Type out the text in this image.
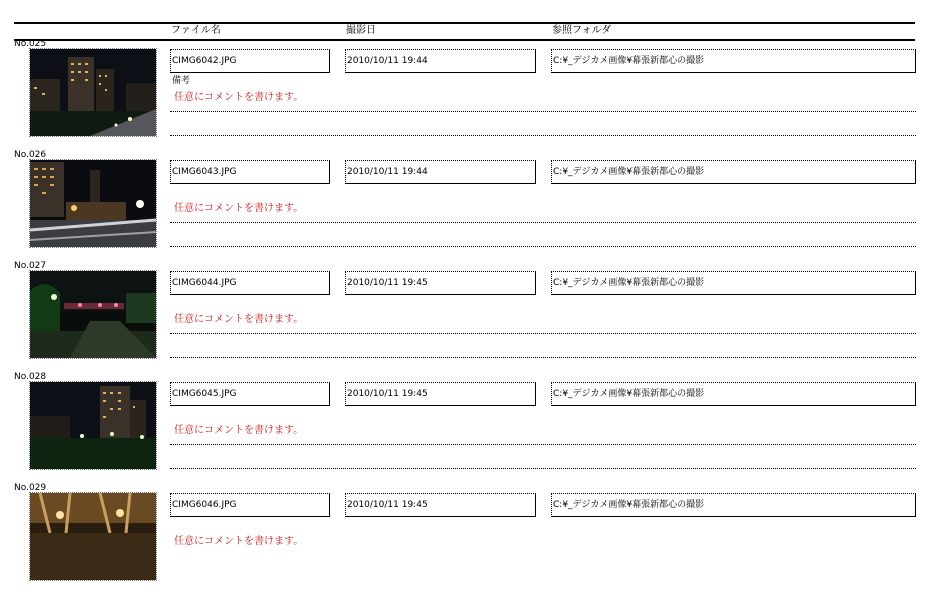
ファイル名	撮影日	参照フォルダ
No.025
CIMG6042.JPG	2010/10/11 19:44	C:¥_デジカメ画像¥幕張新都心の撮影
備考
任意にコメントを書けます。
No.026
CIMG6043.JPG	2010/10/11 19:44	C:¥_デジカメ画像¥幕張新都心の撮影
任意にコメントを書けます。
No.027
CIMG6044.JPG	2010/10/11 19:45	C:¥_デジカメ画像¥幕張新都心の撮影
任意にコメントを書けます。
No.028
CIMG6045.JPG	2010/10/11 19:45	C:¥_デジカメ画像¥幕張新都心の撮影
任意にコメントを書けます。
No.029
CIMG6046.JPG	2010/10/11 19:45	C:¥_デジカメ画像¥幕張新都心の撮影
任意にコメントを書けます。
